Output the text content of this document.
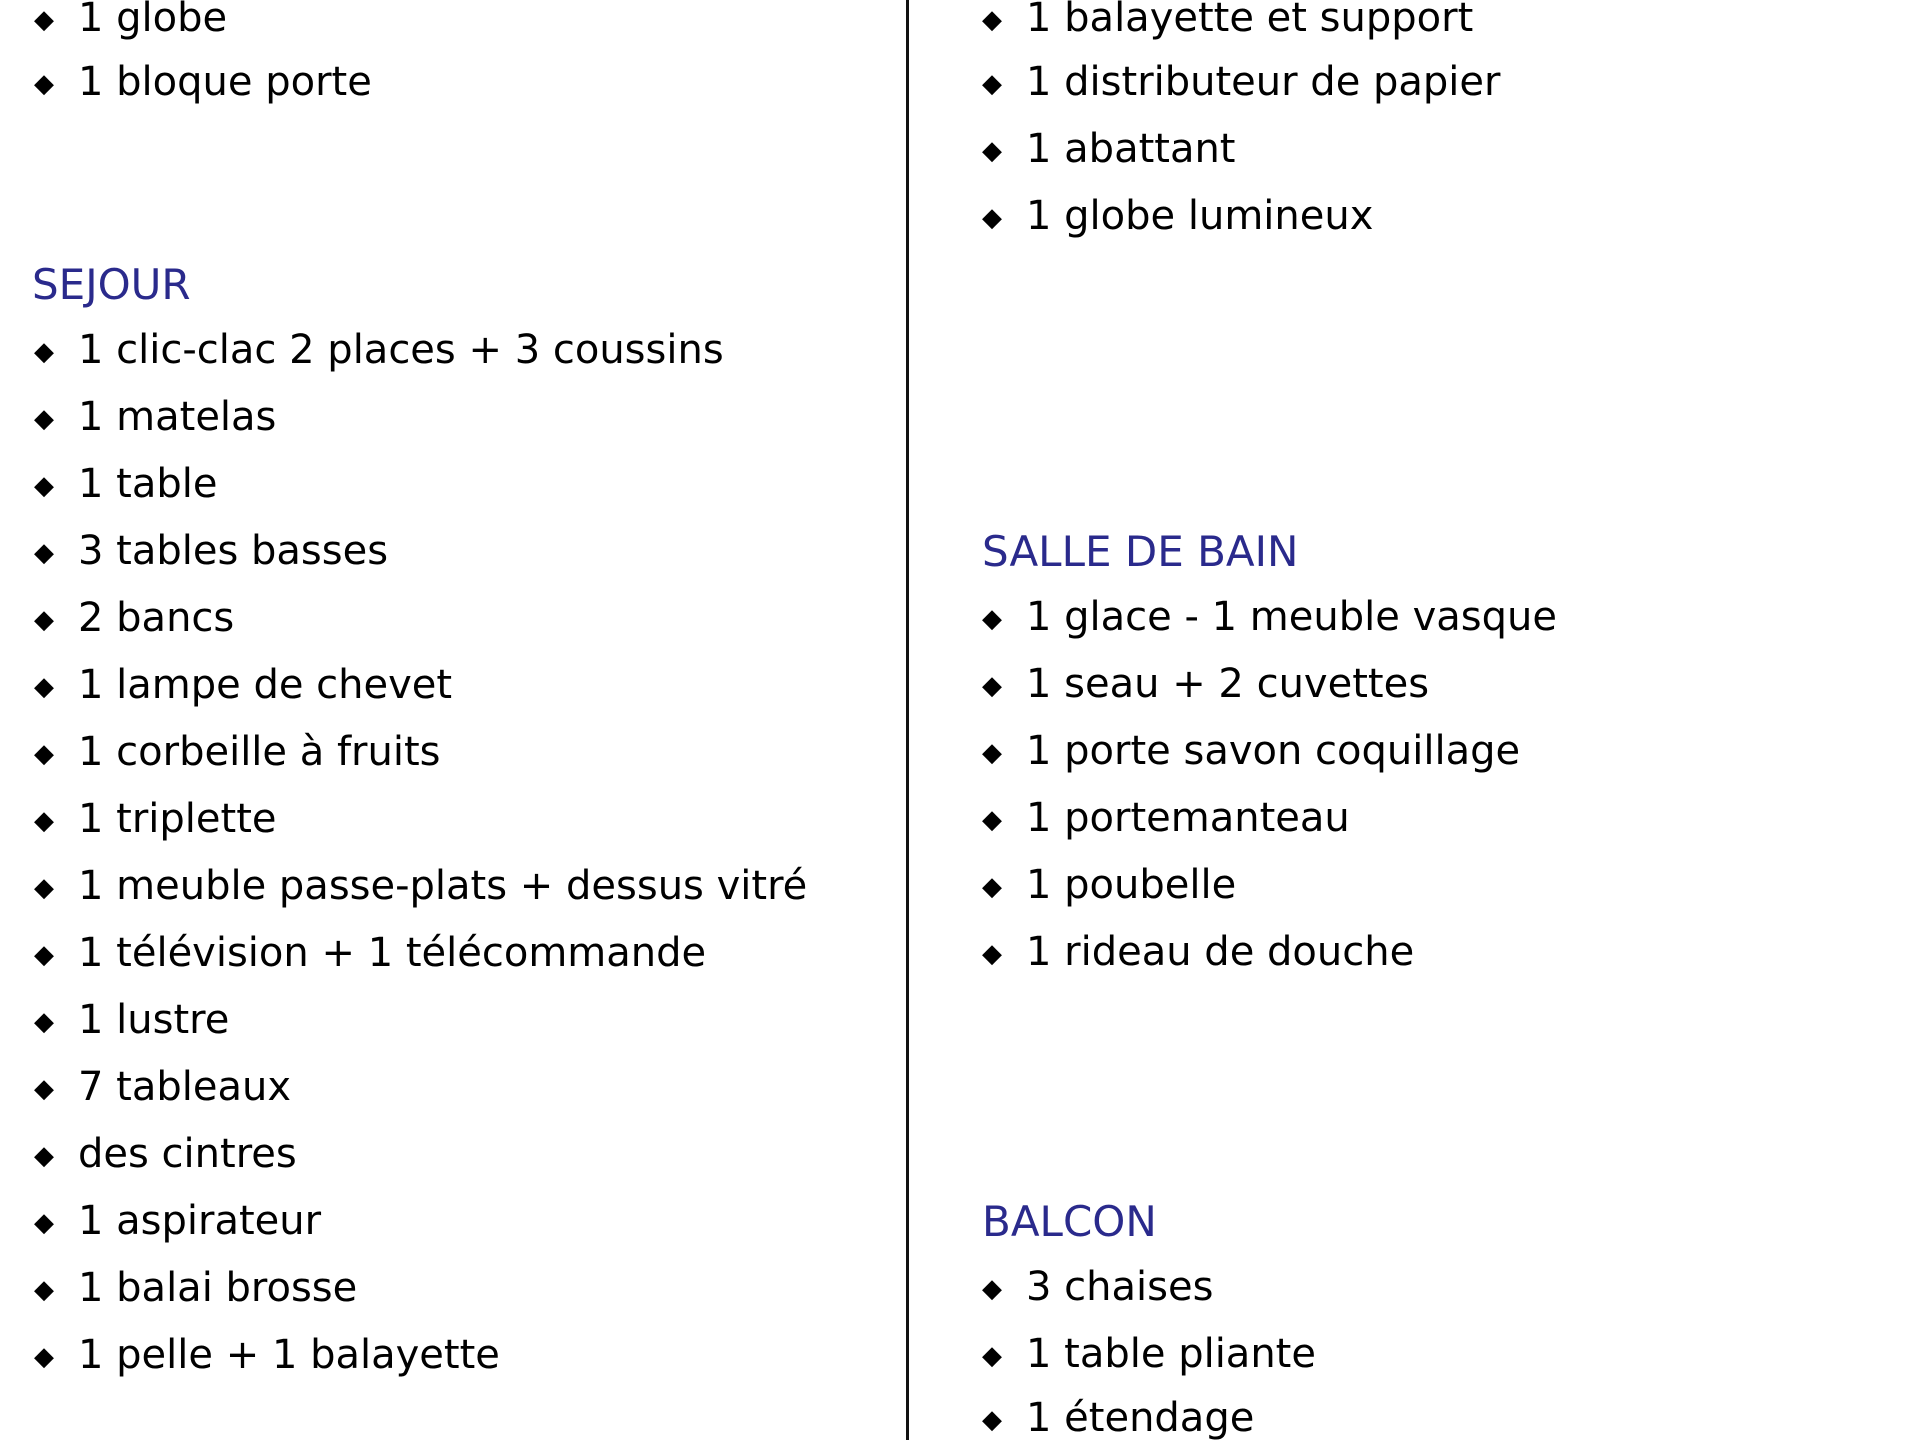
◆ 1 globe
◆ 1 bloque porte
SEJOUR
◆ 1 clic-clac 2 places + 3 coussins
◆ 1 matelas
◆ 1 table
◆ 3 tables basses
◆ 2 bancs
◆ 1 lampe de chevet
◆ 1 corbeille à fruits
◆ 1 triplette
◆ 1 meuble passe-plats + dessus vitré
◆ 1 télévision + 1 télécommande
◆ 1 lustre
◆ 7 tableaux
◆ des cintres
◆ 1 aspirateur
◆ 1 balai brosse
◆ 1 pelle + 1 balayette
◆ 1 balayette et support
◆ 1 distributeur de papier
◆ 1 abattant
◆ 1 globe lumineux
SALLE DE BAIN
◆ 1 glace - 1 meuble vasque
◆ 1 seau + 2 cuvettes
◆ 1 porte savon coquillage
◆ 1 portemanteau
◆ 1 poubelle
◆ 1 rideau de douche
BALCON
◆ 3 chaises
◆ 1 table pliante
◆ 1 étendage
